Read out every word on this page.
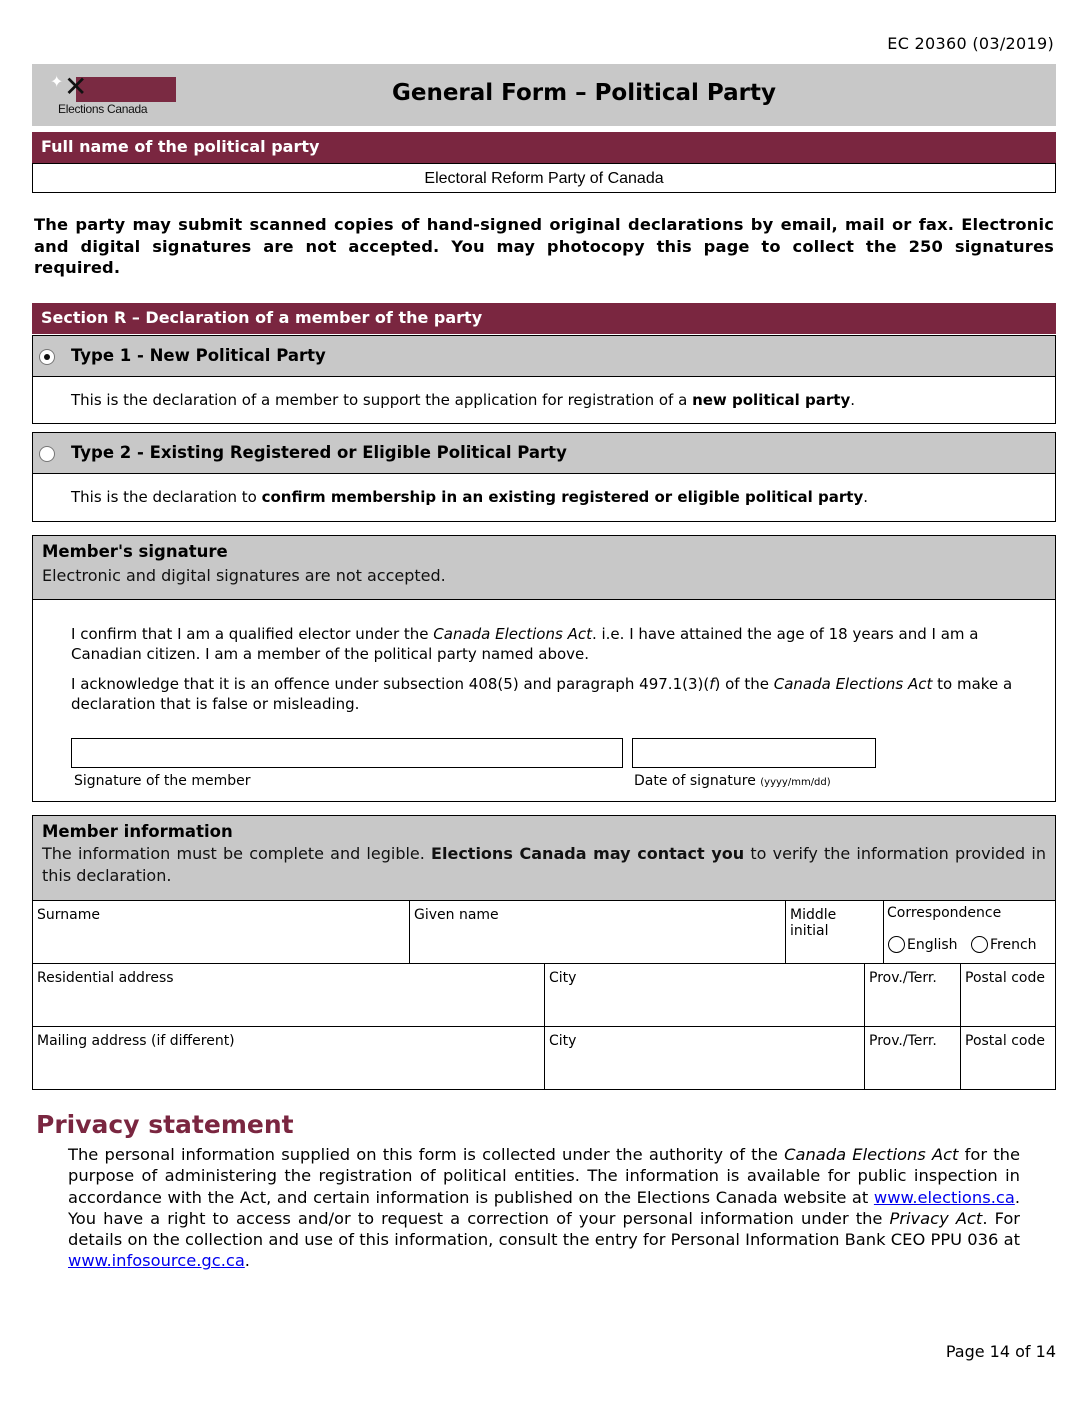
EC 20360 (03/2019)
✦ ✕
Elections Canada
General Form – Political Party
Full name of the political party
Electoral Reform Party of Canada
The party may submit scanned copies of hand-signed original declarations by email, mail or fax. Electronic and digital signatures are not accepted. You may photocopy this page to collect the 250 signatures required.
Section R – Declaration of a member of the party
Type 1 - New Political Party
This is the declaration of a member to support the application for registration of a new political party.
Type 2 - Existing Registered or Eligible Political Party
This is the declaration to confirm membership in an existing registered or eligible political party.
Member's signature
Electronic and digital signatures are not accepted.
I confirm that I am a qualified elector under the Canada Elections Act. i.e. I have attained the age of 18 years and I am a Canadian citizen. I am a member of the political party named above.
I acknowledge that it is an offence under subsection 408(5) and paragraph 497.1(3)(f) of the Canada Elections Act to make a declaration that is false or misleading.
Signature of the member	Date of signature (yyyy/mm/dd)
Member information
The information must be complete and legible. Elections Canada may contact you to verify the information provided in this declaration.
Surname	Given name	Middle initial
Correspondence
English	French
Residential address	City	Prov./Terr.	Postal code
Mailing address (if different)	City	Prov./Terr.	Postal code
Privacy statement
The personal information supplied on this form is collected under the authority of the Canada Elections Act for the purpose of administering the registration of political entities. The information is available for public inspection in accordance with the Act, and certain information is published on the Elections Canada website at www.elections.ca. You have a right to access and/or to request a correction of your personal information under the Privacy Act. For details on the collection and use of this information, consult the entry for Personal Information Bank CEO PPU 036 at www.infosource.gc.ca.
Page 14 of 14
